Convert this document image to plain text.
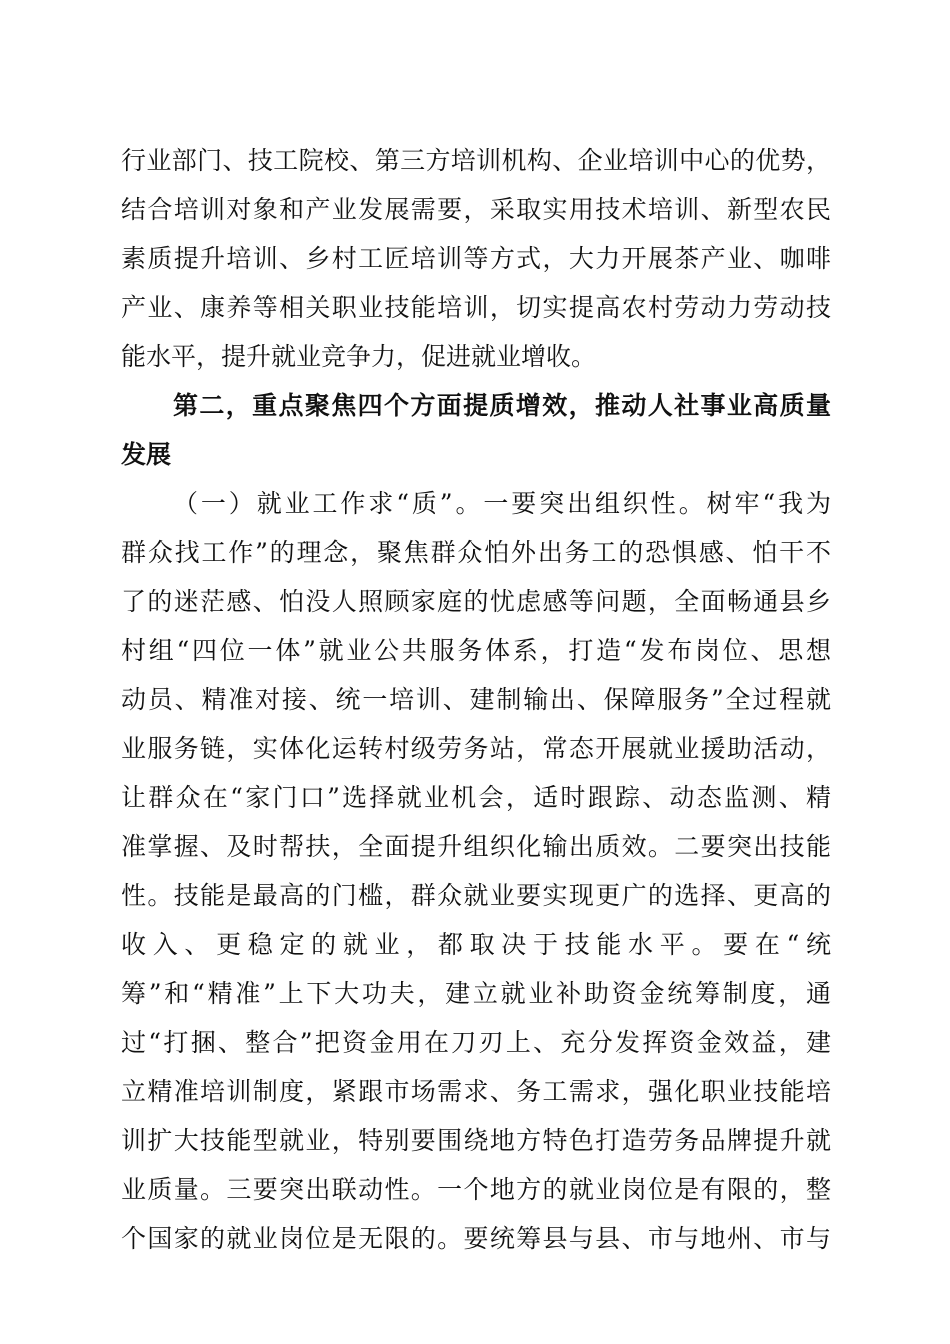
行业部门、技工院校、第三方培训机构、企业培训中心的优势，
结合培训对象和产业发展需要，采取实用技术培训、新型农民
素质提升培训、乡村工匠培训等方式，大力开展茶产业、咖啡
产业、康养等相关职业技能培训，切实提高农村劳动力劳动技
能水平，提升就业竞争力，促进就业增收。
第二，重点聚焦四个方面提质增效，推动人社事业高质量
发展
（一）就业工作求“质”。一要突出组织性。树牢“我为
群众找工作”的理念，聚焦群众怕外出务工的恐惧感、怕干不
了的迷茫感、怕没人照顾家庭的忧虑感等问题，全面畅通县乡
村组“四位一体”就业公共服务体系，打造“发布岗位、思想
动员、精准对接、统一培训、建制输出、保障服务”全过程就
业服务链，实体化运转村级劳务站，常态开展就业援助活动，
让群众在“家门口”选择就业机会，适时跟踪、动态监测、精
准掌握、及时帮扶，全面提升组织化输出质效。二要突出技能
性。技能是最高的门槛，群众就业要实现更广的选择、更高的
收入、更稳定的就业，都取决于技能水平。要在“统
筹”和“精准”上下大功夫，建立就业补助资金统筹制度，通
过“打捆、整合”把资金用在刀刃上、充分发挥资金效益，建
立精准培训制度，紧跟市场需求、务工需求，强化职业技能培
训扩大技能型就业，特别要围绕地方特色打造劳务品牌提升就
业质量。三要突出联动性。一个地方的就业岗位是有限的，整
个国家的就业岗位是无限的。要统筹县与县、市与地州、市与
